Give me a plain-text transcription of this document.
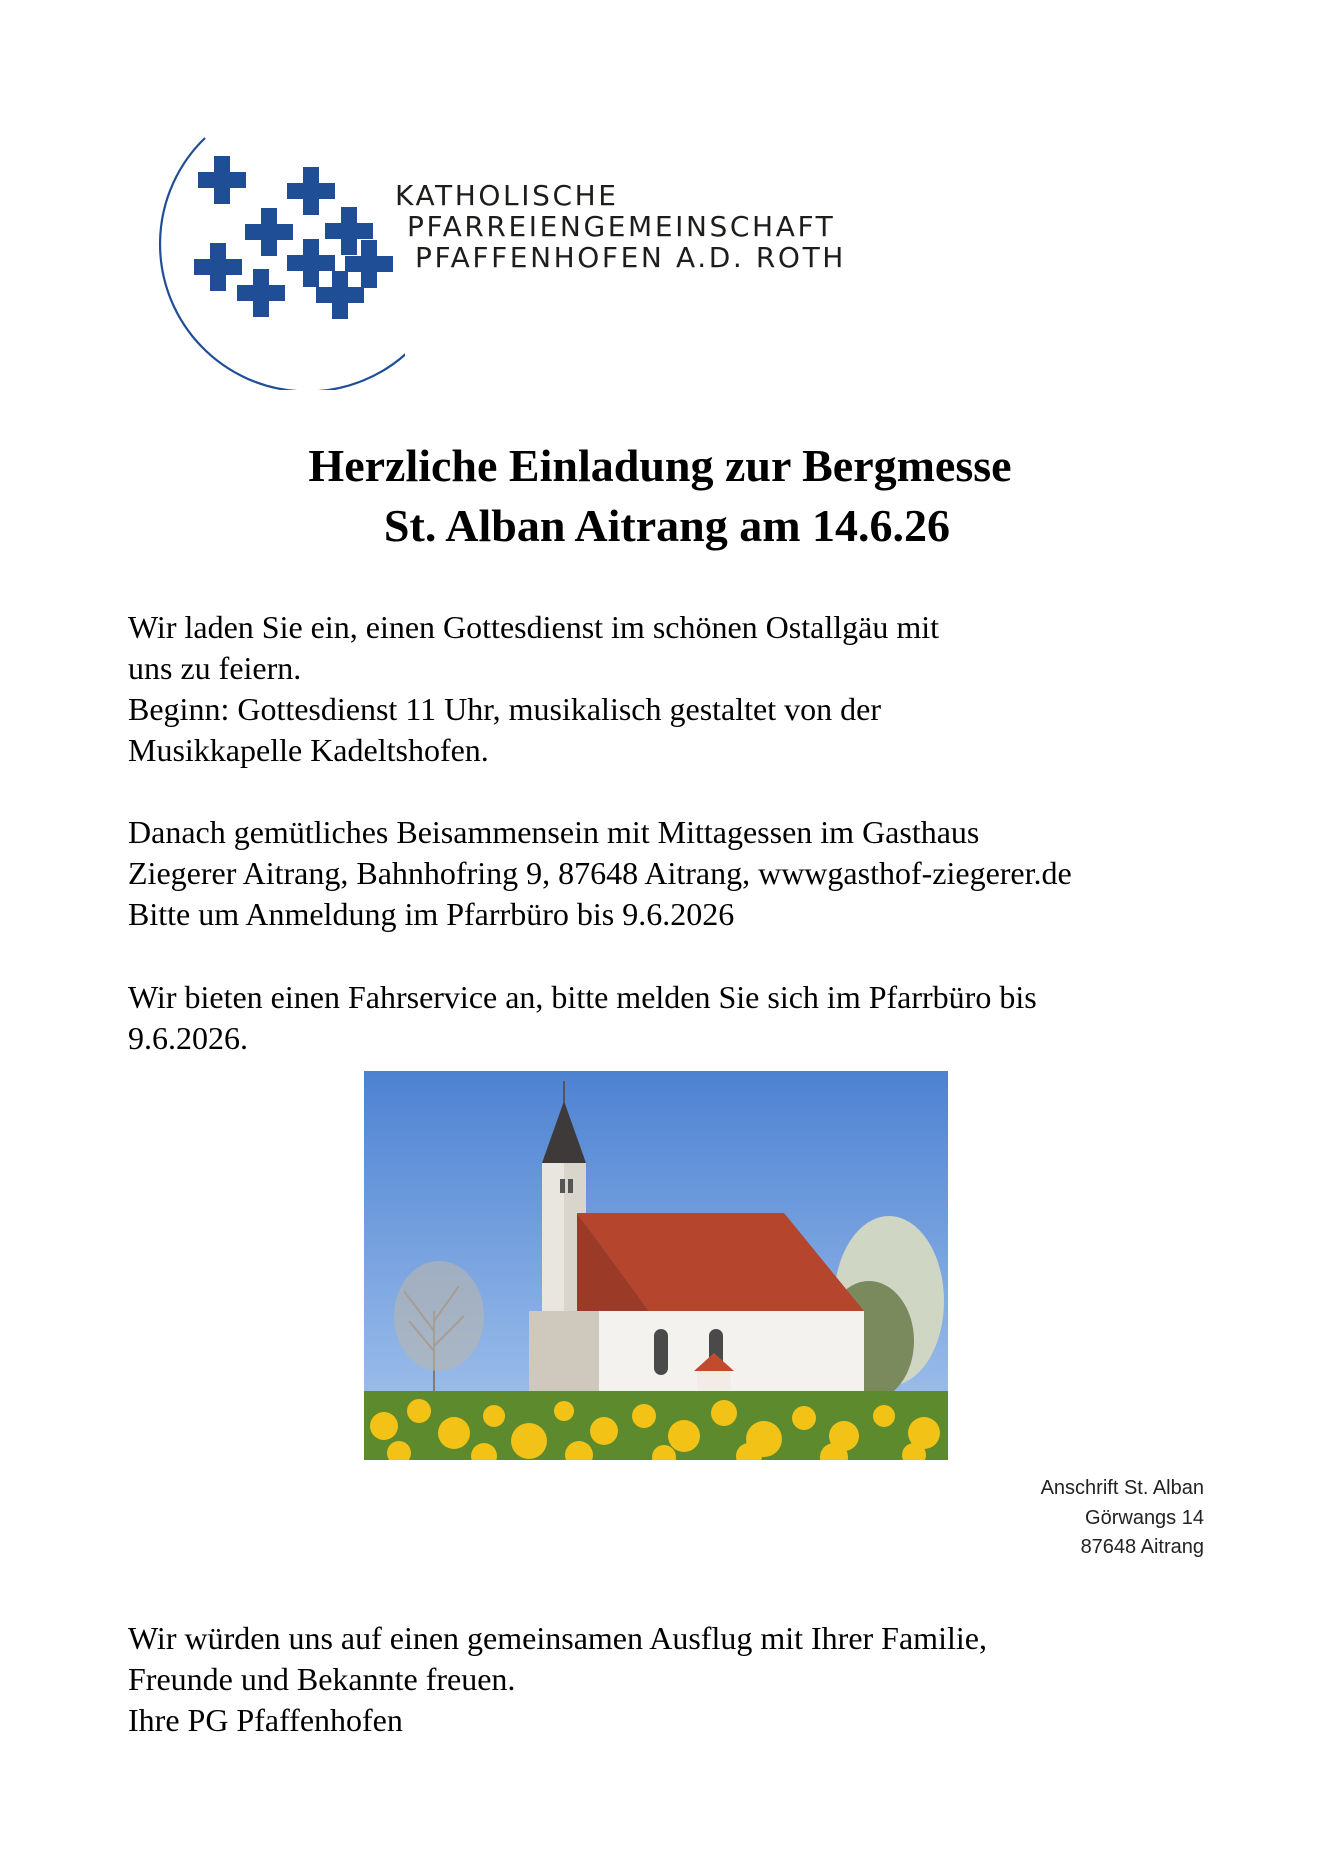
KATHOLISCHE
PFARREIENGEMEINSCHAFT
PFAFFENHOFEN A.D. ROTH
Herzliche Einladung zur Bergmesse
St. Alban Aitrang am 14.6.26
Wir laden Sie ein, einen Gottesdienst im schönen Ostallgäu mit
uns zu feiern.
Beginn: Gottesdienst 11 Uhr, musikalisch gestaltet von der
Musikkapelle Kadeltshofen.
Danach gemütliches Beisammensein mit Mittagessen im Gasthaus
Ziegerer Aitrang, Bahnhofring 9, 87648 Aitrang, wwwgasthof-ziegerer.de
Bitte um Anmeldung im Pfarrbüro bis 9.6.2026
Wir bieten einen Fahrservice an, bitte melden Sie sich im Pfarrbüro bis
9.6.2026.
Anschrift St. Alban
Görwangs 14
87648 Aitrang
Wir würden uns auf einen gemeinsamen Ausflug mit Ihrer Familie,
Freunde und Bekannte freuen.
Ihre PG Pfaffenhofen
